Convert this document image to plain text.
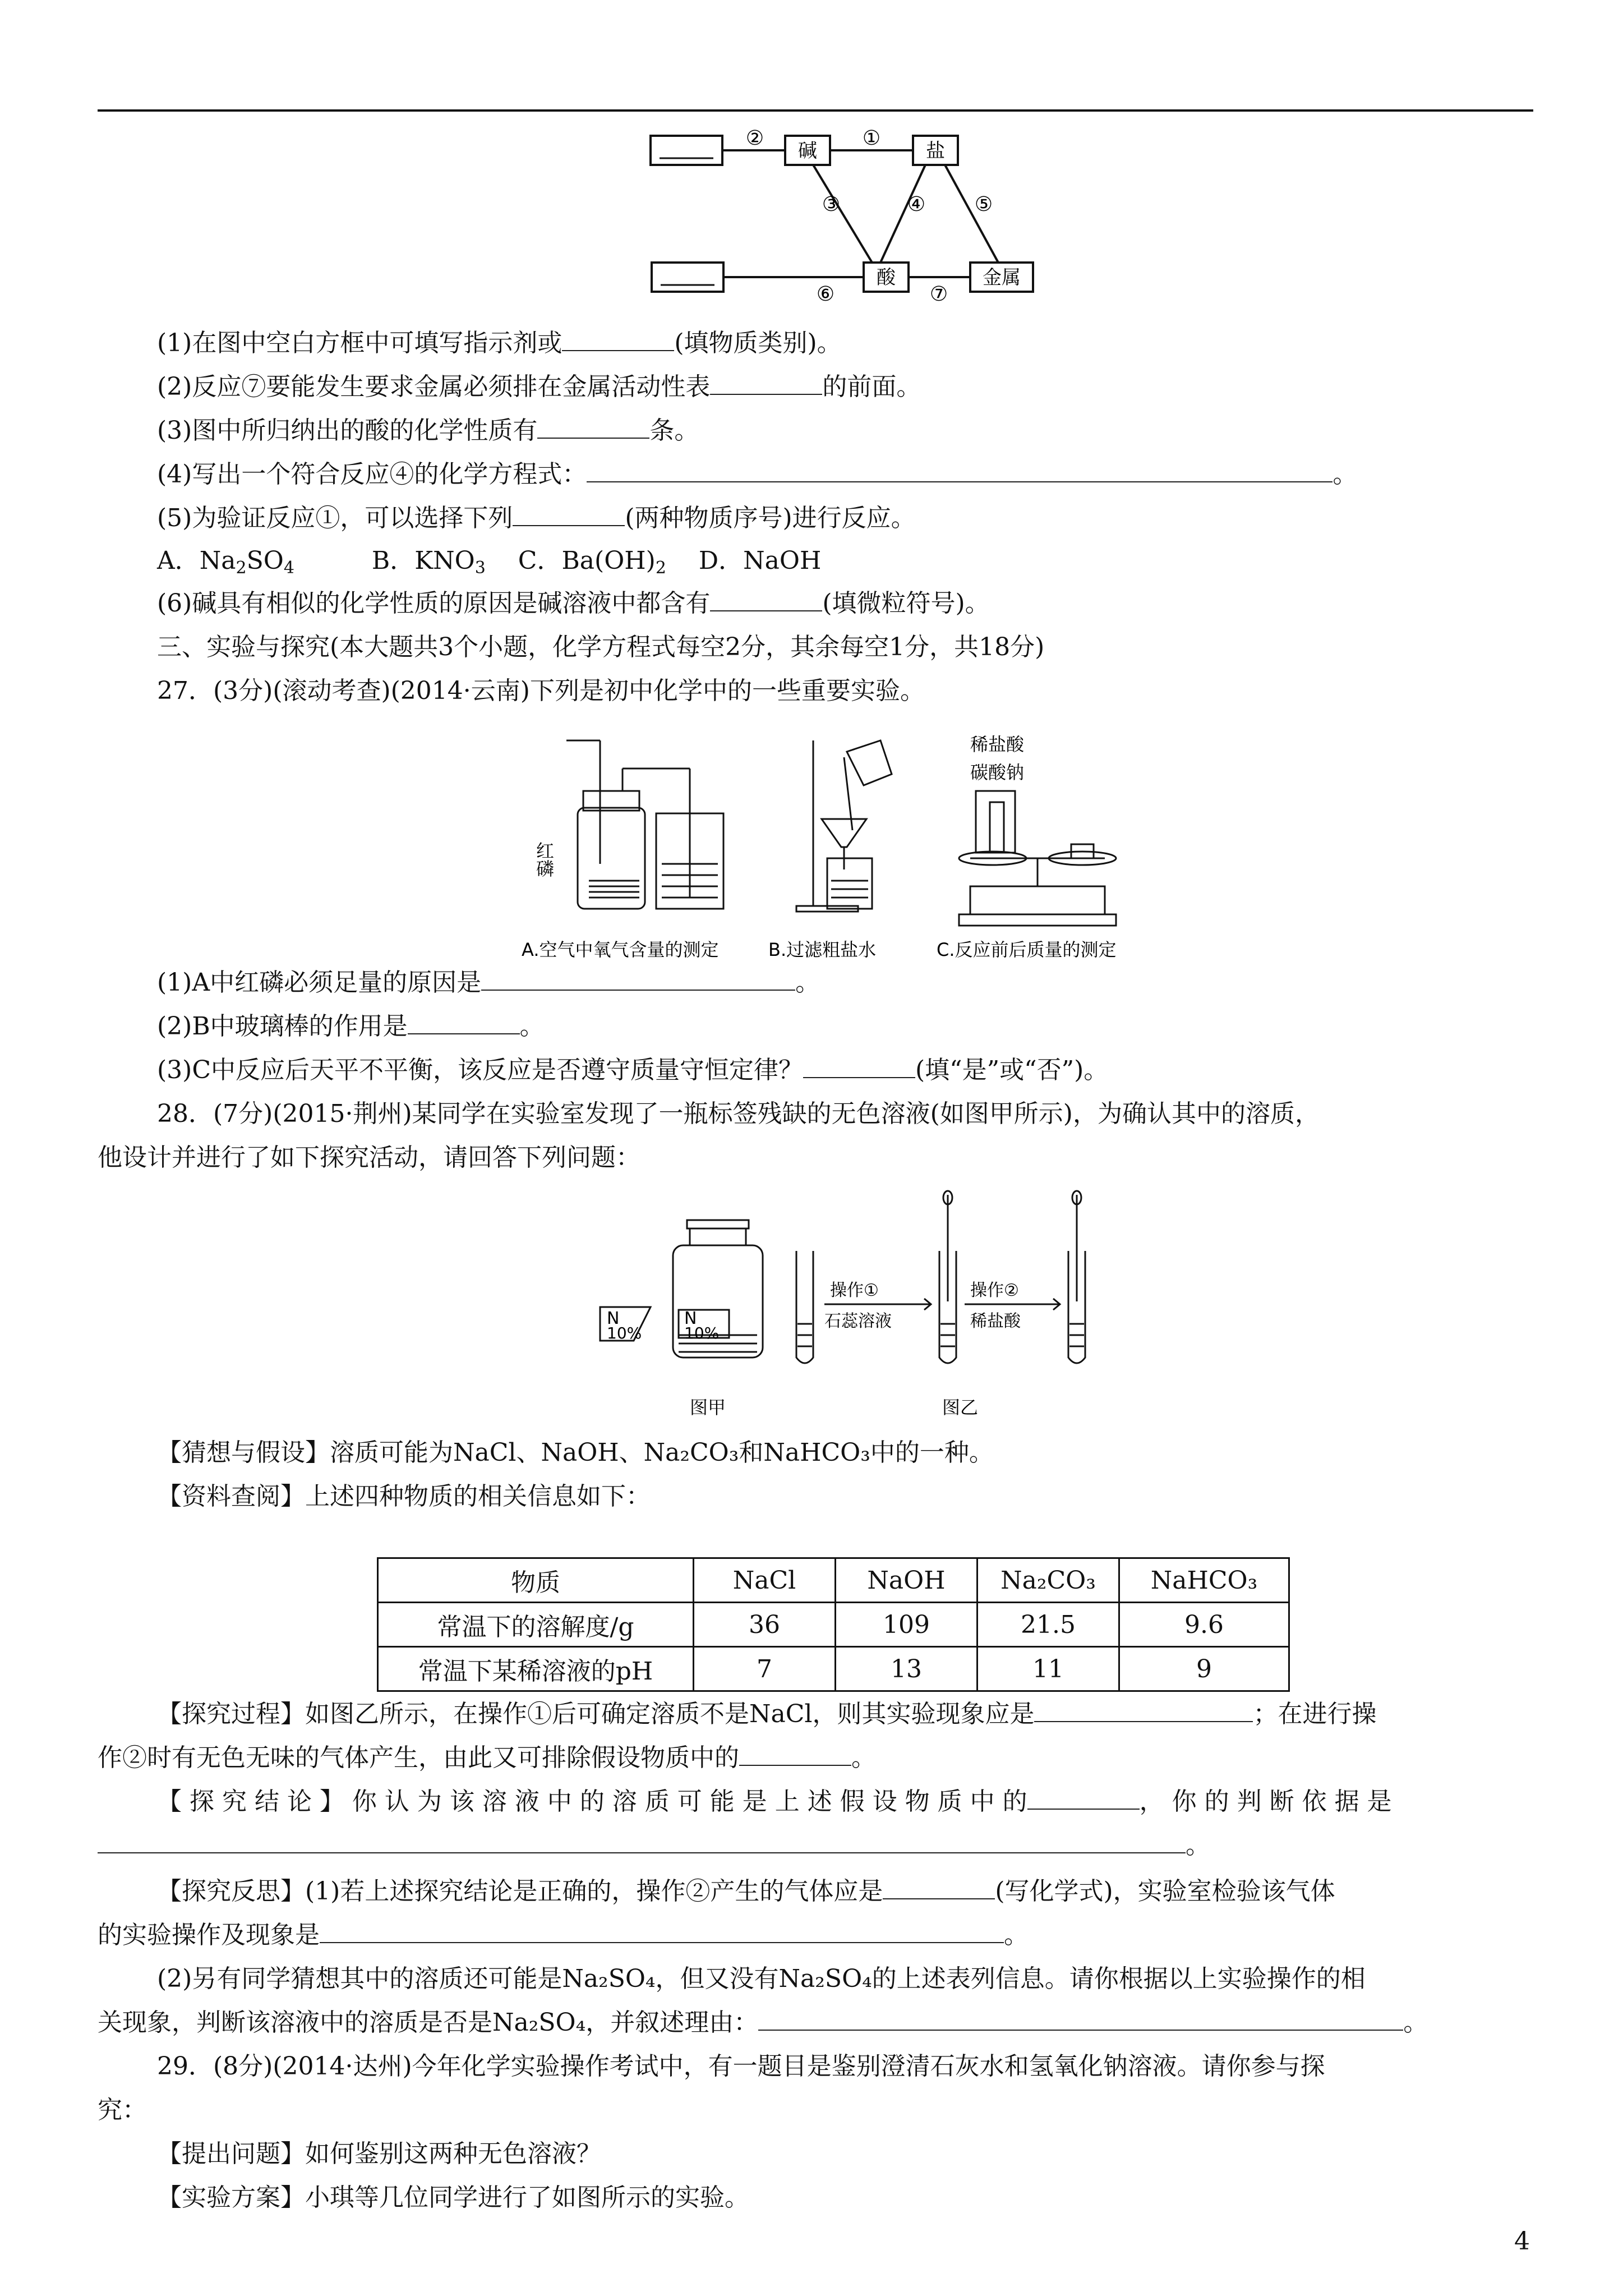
碱	盐
酸	金属
②	①
③	④ ⑤
⑥	⑦
(1)在图中空白方框中可填写指示剂或	(填物质类别)。
(2)反应⑦要能发生要求金属必须排在金属活动性表	的前面。
(3)图中所归纳出的酸的化学性质有	条。
(4)写出一个符合反应④的化学方程式：	。
(5)为验证反应①，可以选择下列	(两种物质序号)进行反应。
A．$Na_2SO_4$	B．$KNO_3$ C．$Ba(OH)_2$ D．NaOH
(6)碱具有相似的化学性质的原因是碱溶液中都含有	(填微粒符号)。
三、实验与探究(本大题共3个小题，化学方程式每空2分，其余每空1分，共18分)
27．(3分)(滚动考查)(2014·云南)下列是初中化学中的一些重要实验。
红磷
稀盐酸
碳酸钠
A.空气中氧气含量的测定	B.过滤粗盐水	C.反应前后质量的测定
(1)A中红磷必须足量的原因是	。
(2)B中玻璃棒的作用是	。
(3)C中反应后天平不平衡，该反应是否遵守质量守恒定律？	(填“是”或“否”)。
28．(7分)(2015·荆州)某同学在实验室发现了一瓶标签残缺的无色溶液(如图甲所示)，为确认其中的溶质，
他设计并进行了如下探究活动，请回答下列问题：
N
10%
N
10%
操作①
石蕊溶液
操作②
稀盐酸
图甲	图乙
【猜想与假设】溶质可能为NaCl、NaOH、Na₂CO₃和NaHCO₃中的一种。
【资料查阅】上述四种物质的相关信息如下：
物质	NaCl	NaOH	Na₂CO₃	NaHCO₃
常温下的溶解度/g	36	109	21.5	9.6
常温下某稀溶液的pH	7	13	11	9
【探究过程】如图乙所示，在操作①后可确定溶质不是NaCl，则其实验现象应是	；在进行操
作②时有无色无味的气体产生，由此又可排除假设物质中的	。
【 探 究 结 论 】 你 认 为 该 溶 液 中 的 溶 质 可 能 是 上 述 假 设 物 质 中 的	， 你 的 判 断 依 据 是
。
【探究反思】(1)若上述探究结论是正确的，操作②产生的气体应是	(写化学式)，实验室检验该气体
的实验操作及现象是	。
(2)另有同学猜想其中的溶质还可能是Na₂SO₄，但又没有Na₂SO₄的上述表列信息。请你根据以上实验操作的相
关现象，判断该溶液中的溶质是否是Na₂SO₄，并叙述理由：	。
29．(8分)(2014·达州)今年化学实验操作考试中，有一题目是鉴别澄清石灰水和氢氧化钠溶液。请你参与探
究：
【提出问题】如何鉴别这两种无色溶液？
【实验方案】小琪等几位同学进行了如图所示的实验。
4
